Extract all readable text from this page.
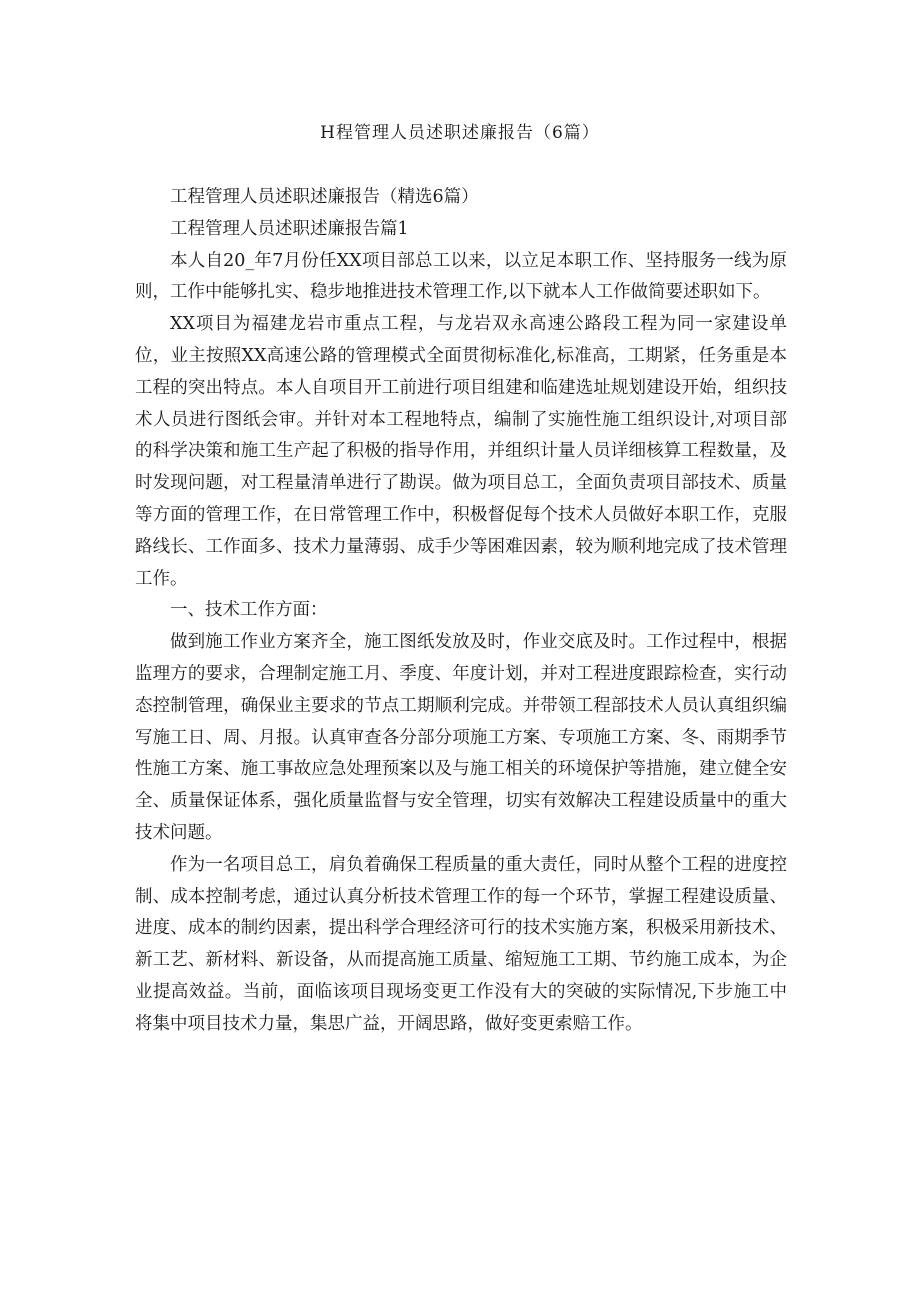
H程管理人员述职述廉报告（6篇）

工程管理人员述职述廉报告（精选6篇）

工程管理人员述职述廉报告篇1

本人自20_年7月份任XX项目部总工以来，以立足本职工作、坚持服务一线为原则，工作中能够扎实、稳步地推进技术管理工作,以下就本人工作做简要述职如下。

XX项目为福建龙岩市重点工程，与龙岩双永高速公路段工程为同一家建设单位，业主按照XX高速公路的管理模式全面贯彻标准化,标准高，工期紧，任务重是本工程的突出特点。本人自项目开工前进行项目组建和临建选址规划建设开始，组织技术人员进行图纸会审。并针对本工程地特点，编制了实施性施工组织设计,对项目部的科学决策和施工生产起了积极的指导作用，并组织计量人员详细核算工程数量，及时发现问题，对工程量清单进行了勘误。做为项目总工，全面负责项目部技术、质量等方面的管理工作，在日常管理工作中，积极督促每个技术人员做好本职工作，克服路线长、工作面多、技术力量薄弱、成手少等困难因素，较为顺利地完成了技术管理工作。

一、技术工作方面：

做到施工作业方案齐全，施工图纸发放及时，作业交底及时。工作过程中，根据监理方的要求，合理制定施工月、季度、年度计划，并对工程进度跟踪检查，实行动态控制管理，确保业主要求的节点工期顺利完成。并带领工程部技术人员认真组织编写施工日、周、月报。认真审查各分部分项施工方案、专项施工方案、冬、雨期季节性施工方案、施工事故应急处理预案以及与施工相关的环境保护等措施，建立健全安全、质量保证体系，强化质量监督与安全管理，切实有效解决工程建设质量中的重大技术问题。

作为一名项目总工，肩负着确保工程质量的重大责任，同时从整个工程的进度控制、成本控制考虑，通过认真分析技术管理工作的每一个环节，掌握工程建设质量、进度、成本的制约因素，提出科学合理经济可行的技术实施方案，积极采用新技术、新工艺、新材料、新设备，从而提高施工质量、缩短施工工期、节约施工成本，为企业提高效益。当前，面临该项目现场变更工作没有大的突破的实际情况,下步施工中将集中项目技术力量，集思广益，开阔思路，做好变更索赔工作。
